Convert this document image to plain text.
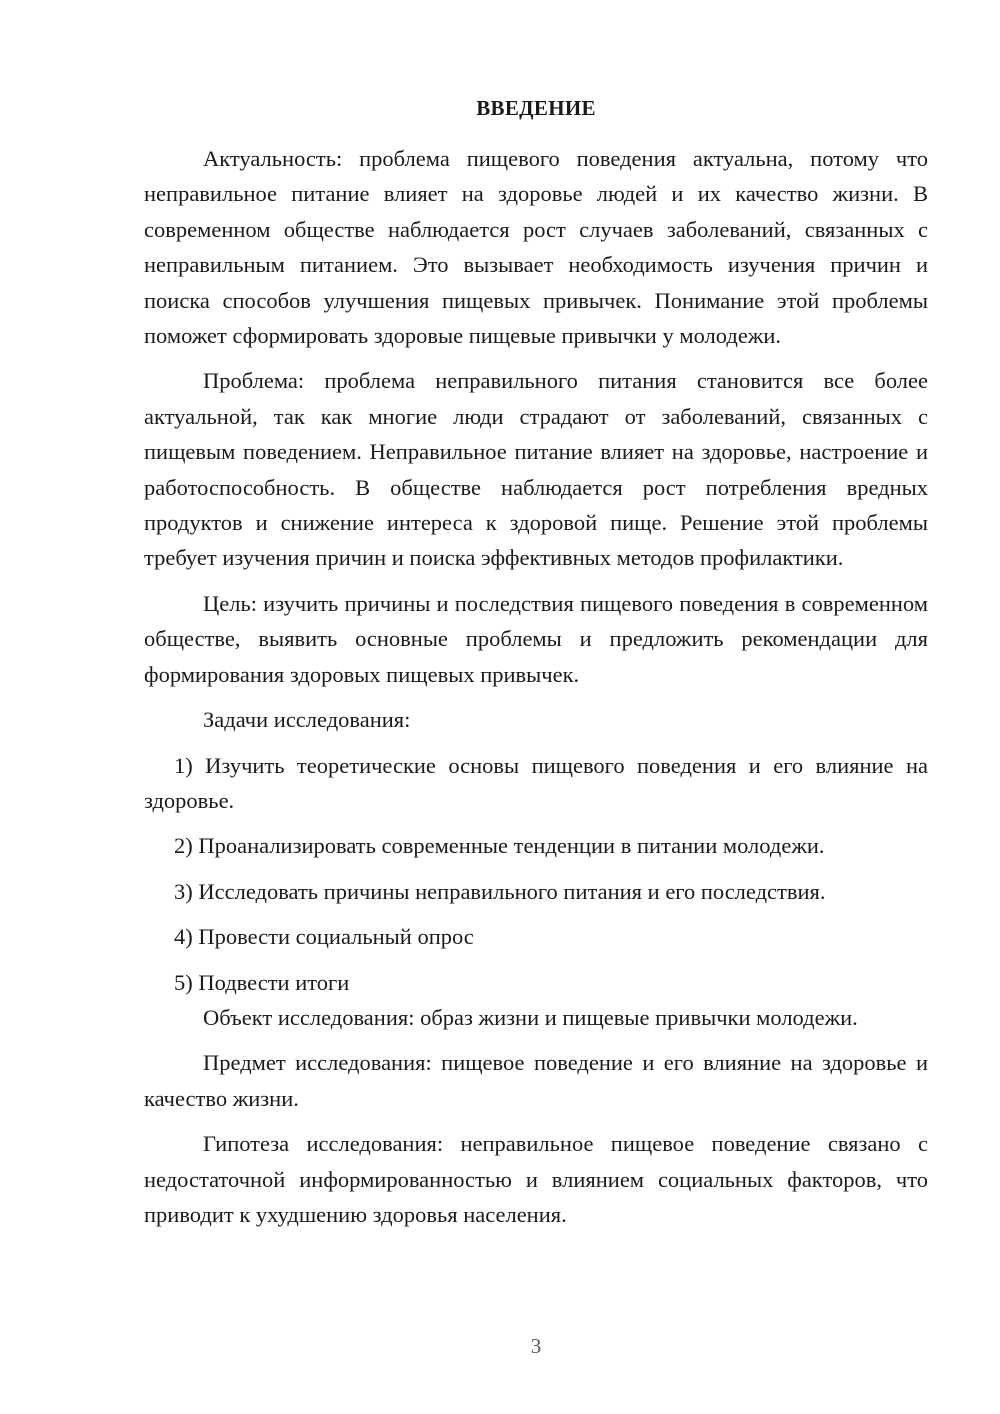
ВВЕДЕНИЕ

Актуальность: проблема пищевого поведения актуальна, потому что неправильное питание влияет на здоровье людей и их качество жизни. В современном обществе наблюдается рост случаев заболеваний, связанных с неправильным питанием. Это вызывает необходимость изучения причин и поиска способов улучшения пищевых привычек. Понимание этой проблемы поможет сформировать здоровые пищевые привычки у молодежи.

Проблема: проблема неправильного питания становится все более актуальной, так как многие люди страдают от заболеваний, связанных с пищевым поведением. Неправильное питание влияет на здоровье, настроение и работоспособность. В обществе наблюдается рост потребления вредных продуктов и снижение интереса к здоровой пище. Решение этой проблемы требует изучения причин и поиска эффективных методов профилактики.

Цель: изучить причины и последствия пищевого поведения в современном обществе, выявить основные проблемы и предложить рекомендации для формирования здоровых пищевых привычек.

Задачи исследования:

1) Изучить теоретические основы пищевого поведения и его влияние на здоровье.

2) Проанализировать современные тенденции в питании молодежи.

3) Исследовать причины неправильного питания и его последствия.

4) Провести социальный опрос

5) Подвести итоги

Объект исследования: образ жизни и пищевые привычки молодежи.

Предмет исследования: пищевое поведение и его влияние на здоровье и качество жизни.

Гипотеза исследования: неправильное пищевое поведение связано с недостаточной информированностью и влиянием социальных факторов, что приводит к ухудшению здоровья населения.

3
